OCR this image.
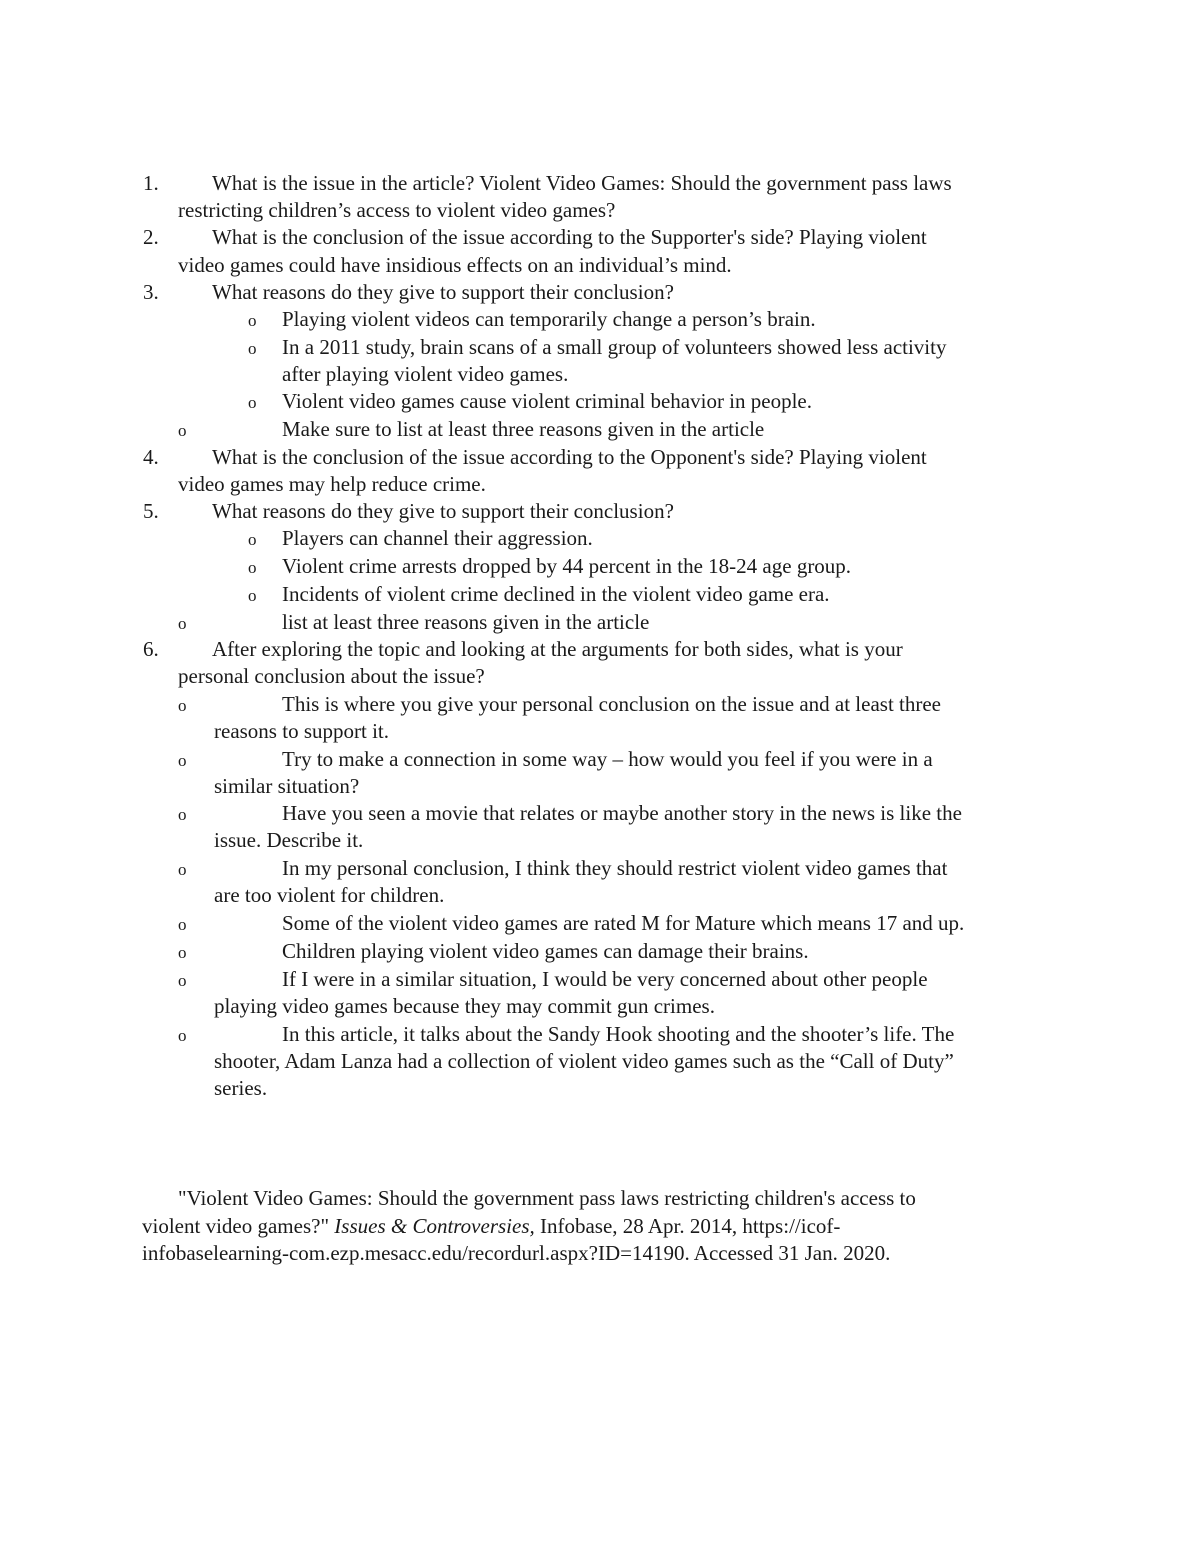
1.	What is the issue in the article? Violent Video Games: Should the government pass laws
restricting children’s access to violent video games?
2.	What is the conclusion of the issue according to the Supporter's side? Playing violent
video games could have insidious effects on an individual’s mind.
3.	What reasons do they give to support their conclusion?
o Playing violent videos can temporarily change a person’s brain.
o In a 2011 study, brain scans of a small group of volunteers showed less activity
after playing violent video games.
o Violent video games cause violent criminal behavior in people.
o	Make sure to list at least three reasons given in the article
4.	What is the conclusion of the issue according to the Opponent's side? Playing violent
video games may help reduce crime.
5.	What reasons do they give to support their conclusion?
o Players can channel their aggression.
o Violent crime arrests dropped by 44 percent in the 18-24 age group.
o Incidents of violent crime declined in the violent video game era.
o	list at least three reasons given in the article
6.	After exploring the topic and looking at the arguments for both sides, what is your
personal conclusion about the issue?
o	This is where you give your personal conclusion on the issue and at least three
reasons to support it.
o	Try to make a connection in some way – how would you feel if you were in a
similar situation?
o	Have you seen a movie that relates or maybe another story in the news is like the
issue. Describe it.
o	In my personal conclusion, I think they should restrict violent video games that
are too violent for children.
o	Some of the violent video games are rated M for Mature which means 17 and up.
o	Children playing violent video games can damage their brains.
o	If I were in a similar situation, I would be very concerned about other people
playing video games because they may commit gun crimes.
o	In this article, it talks about the Sandy Hook shooting and the shooter’s life. The
shooter, Adam Lanza had a collection of violent video games such as the “Call of Duty”
series.
"Violent Video Games: Should the government pass laws restricting children's access to
violent video games?" Issues & Controversies, Infobase, 28 Apr. 2014, https://icof-
infobaselearning-com.ezp.mesacc.edu/recordurl.aspx?ID=14190. Accessed 31 Jan. 2020.
